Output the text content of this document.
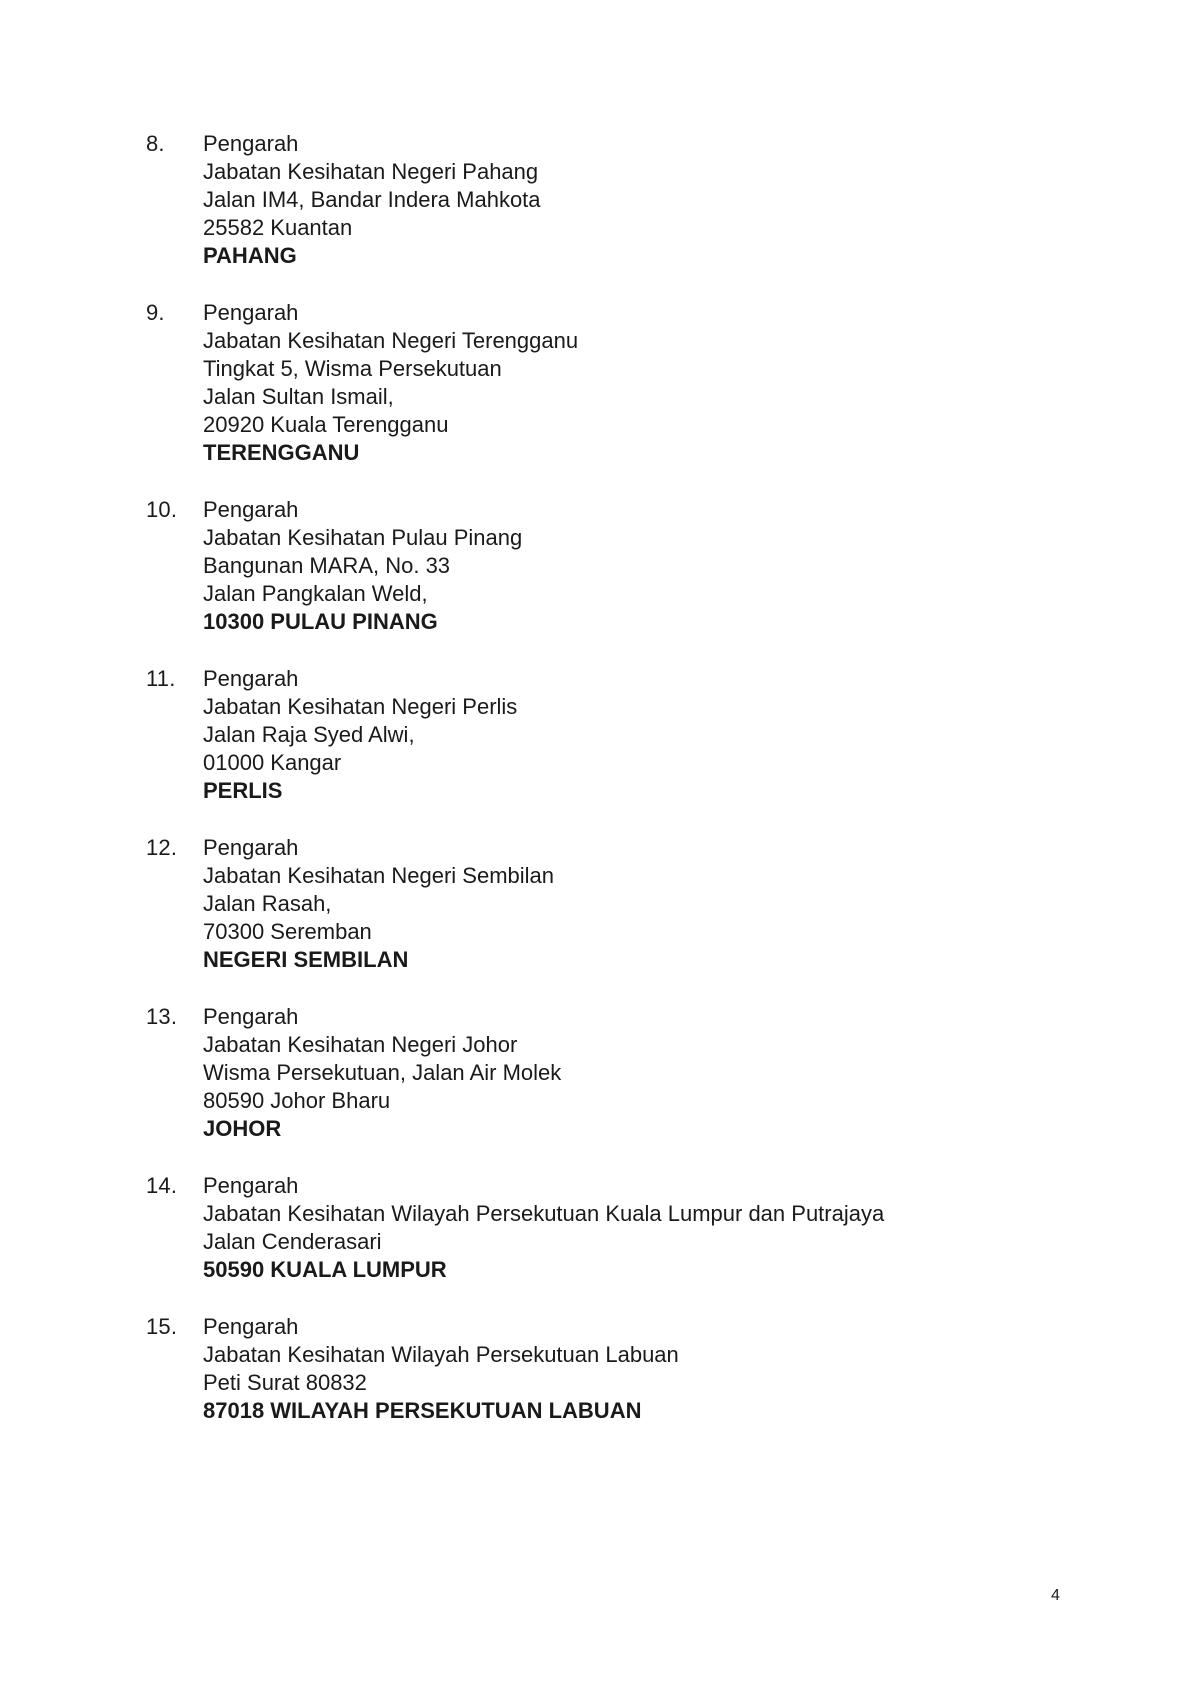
8. Pengarah
Jabatan Kesihatan Negeri Pahang
Jalan IM4, Bandar Indera Mahkota
25582 Kuantan
PAHANG
9. Pengarah
Jabatan Kesihatan Negeri Terengganu
Tingkat 5, Wisma Persekutuan
Jalan Sultan Ismail,
20920 Kuala Terengganu
TERENGGANU
10. Pengarah
Jabatan Kesihatan Pulau Pinang
Bangunan MARA, No. 33
Jalan Pangkalan Weld,
10300 PULAU PINANG
11. Pengarah
Jabatan Kesihatan Negeri Perlis
Jalan Raja Syed Alwi,
01000 Kangar
PERLIS
12. Pengarah
Jabatan Kesihatan Negeri Sembilan
Jalan Rasah,
70300 Seremban
NEGERI SEMBILAN
13. Pengarah
Jabatan Kesihatan Negeri Johor
Wisma Persekutuan, Jalan Air Molek
80590 Johor Bharu
JOHOR
14. Pengarah
Jabatan Kesihatan Wilayah Persekutuan Kuala Lumpur dan Putrajaya
Jalan Cenderasari
50590 KUALA LUMPUR
15. Pengarah
Jabatan Kesihatan Wilayah Persekutuan Labuan
Peti Surat 80832
87018 WILAYAH PERSEKUTUAN LABUAN
4
